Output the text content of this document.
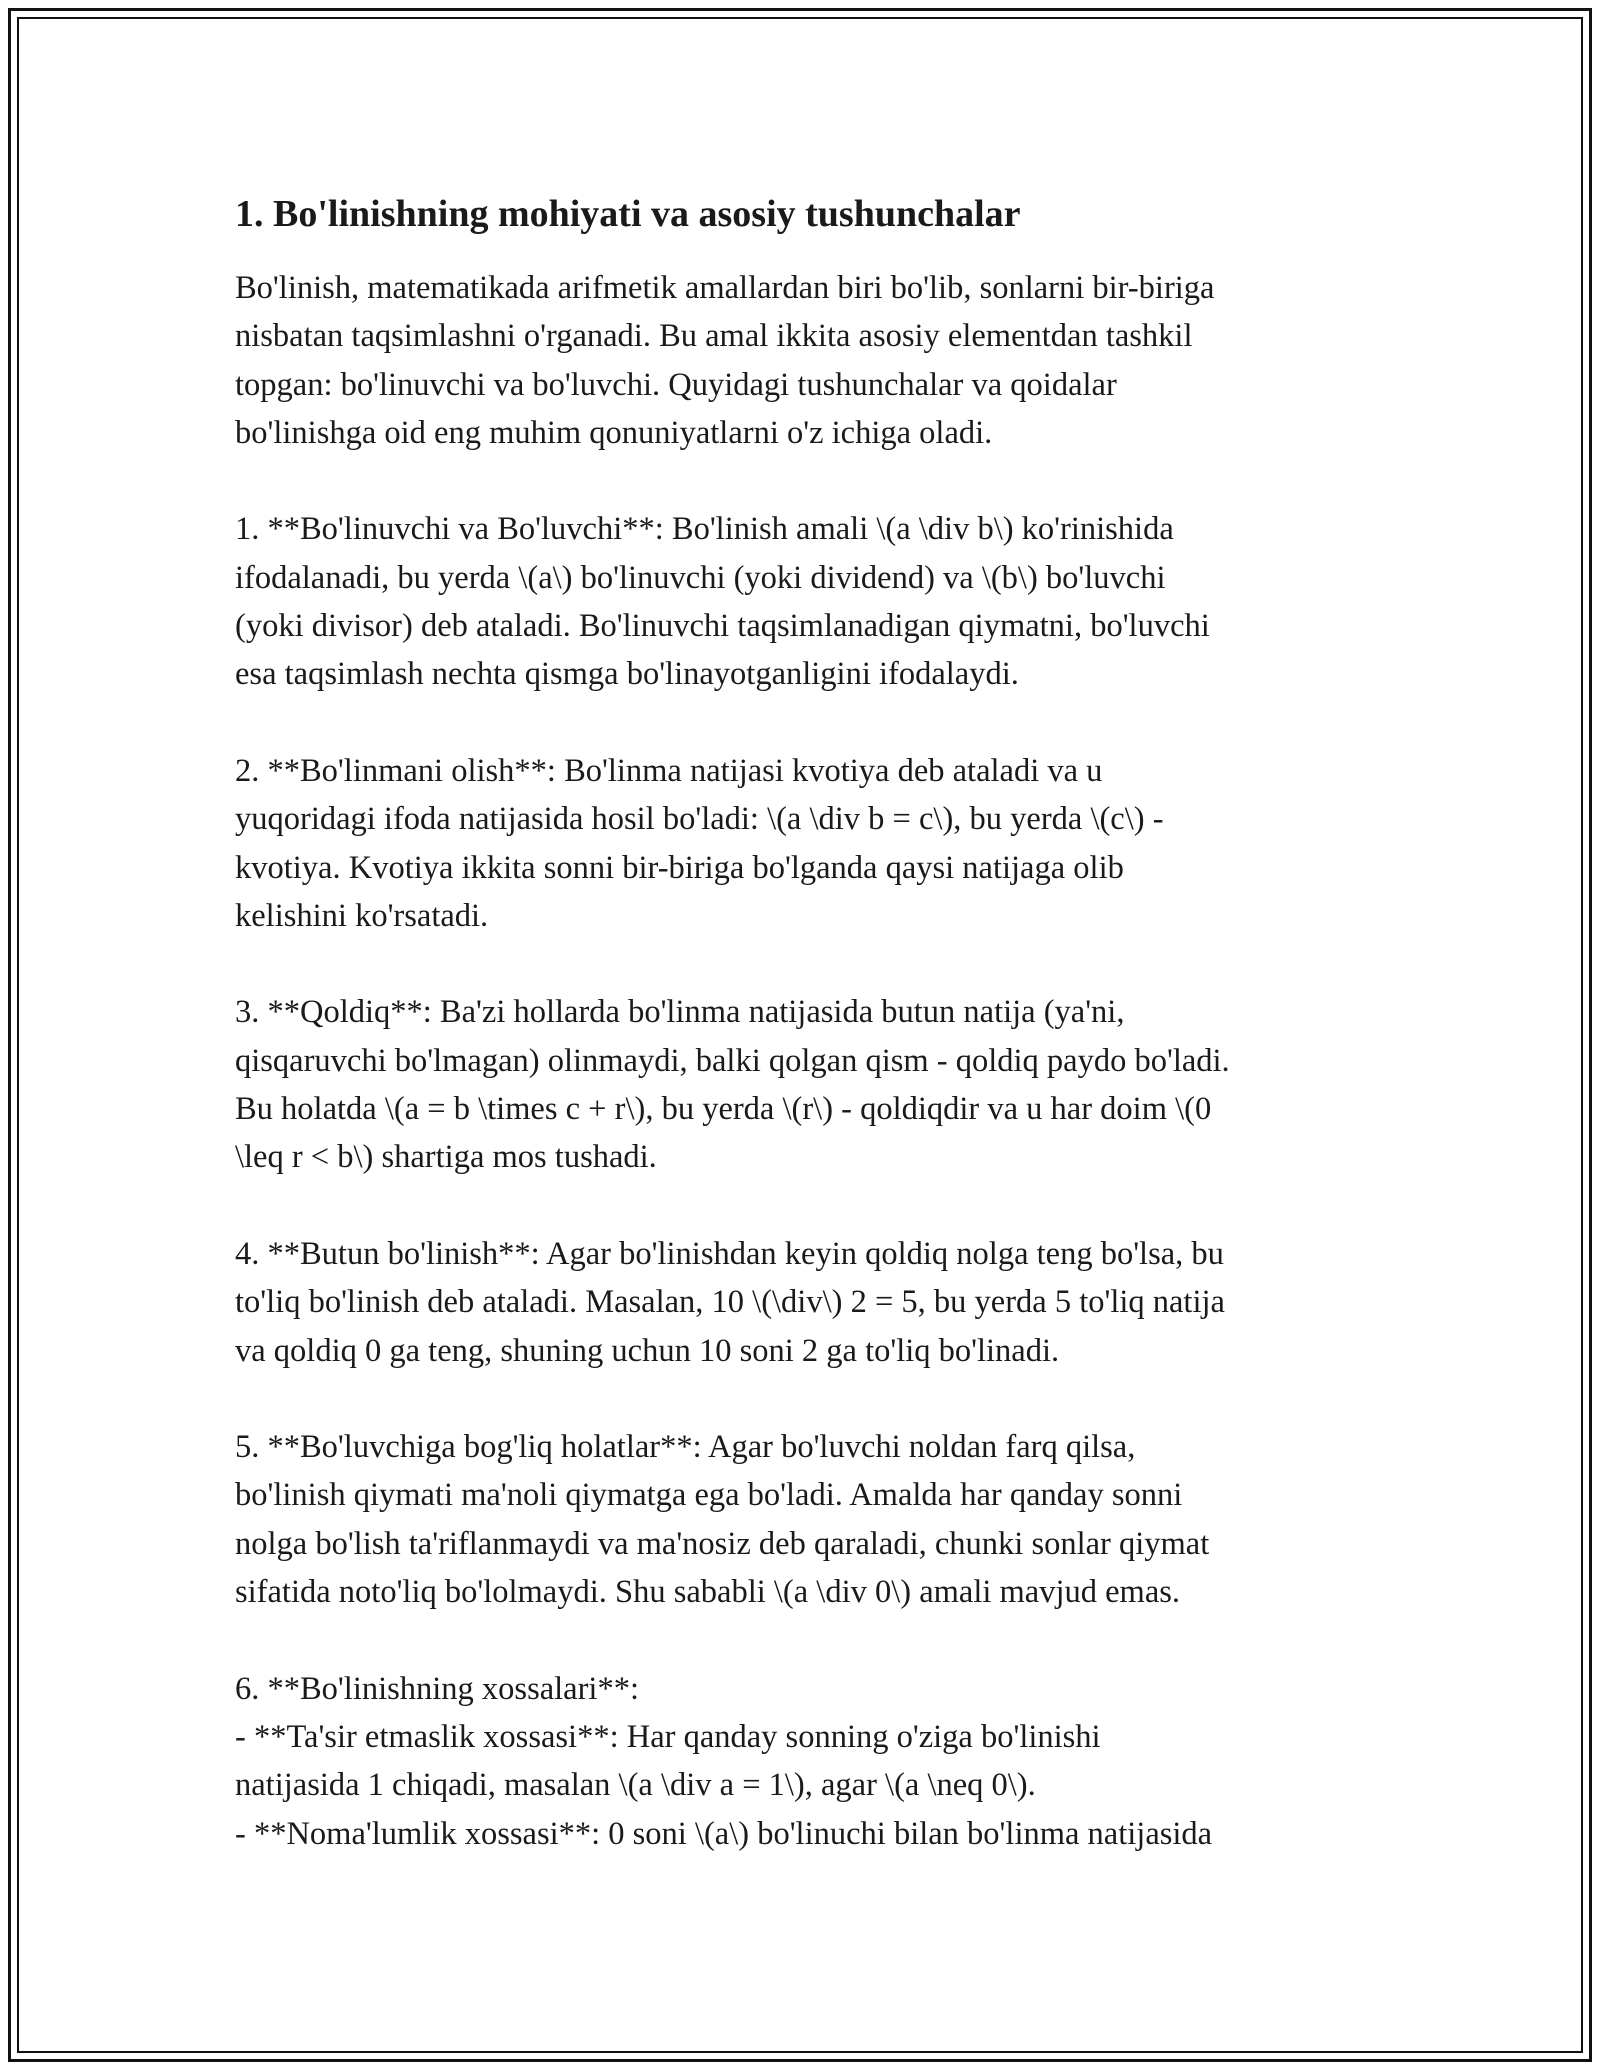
1. Bo'linishning mohiyati va asosiy tushunchalar

Bo'linish, matematikada arifmetik amallardan biri bo'lib, sonlarni bir-biriga
nisbatan taqsimlashni o'rganadi. Bu amal ikkita asosiy elementdan tashkil
topgan: bo'linuvchi va bo'luvchi. Quyidagi tushunchalar va qoidalar
bo'linishga oid eng muhim qonuniyatlarni o'z ichiga oladi.

1. **Bo'linuvchi va Bo'luvchi**: Bo'linish amali \(a \div b\) ko'rinishida
ifodalanadi, bu yerda \(a\) bo'linuvchi (yoki dividend) va \(b\) bo'luvchi
(yoki divisor) deb ataladi. Bo'linuvchi taqsimlanadigan qiymatni, bo'luvchi
esa taqsimlash nechta qismga bo'linayotganligini ifodalaydi.

2. **Bo'linmani olish**: Bo'linma natijasi kvotiya deb ataladi va u
yuqoridagi ifoda natijasida hosil bo'ladi: \(a \div b = c\), bu yerda \(c\) -
kvotiya. Kvotiya ikkita sonni bir-biriga bo'lganda qaysi natijaga olib
kelishini ko'rsatadi.

3. **Qoldiq**: Ba'zi hollarda bo'linma natijasida butun natija (ya'ni,
qisqaruvchi bo'lmagan) olinmaydi, balki qolgan qism - qoldiq paydo bo'ladi.
Bu holatda \(a = b \times c + r\), bu yerda \(r\) - qoldiqdir va u har doim \(0
\leq r < b\) shartiga mos tushadi.

4. **Butun bo'linish**: Agar bo'linishdan keyin qoldiq nolga teng bo'lsa, bu
to'liq bo'linish deb ataladi. Masalan, 10 \(\div\) 2 = 5, bu yerda 5 to'liq natija
va qoldiq 0 ga teng, shuning uchun 10 soni 2 ga to'liq bo'linadi.

5. **Bo'luvchiga bog'liq holatlar**: Agar bo'luvchi noldan farq qilsa,
bo'linish qiymati ma'noli qiymatga ega bo'ladi. Amalda har qanday sonni
nolga bo'lish ta'riflanmaydi va ma'nosiz deb qaraladi, chunki sonlar qiymat
sifatida noto'liq bo'lolmaydi. Shu sababli \(a \div 0\) amali mavjud emas.

6. **Bo'linishning xossalari**:
- **Ta'sir etmaslik xossasi**: Har qanday sonning o'ziga bo'linishi
natijasida 1 chiqadi, masalan \(a \div a = 1\), agar \(a \neq 0\).
- **Noma'lumlik xossasi**: 0 soni \(a\) bo'linuchi bilan bo'linma natijasida
